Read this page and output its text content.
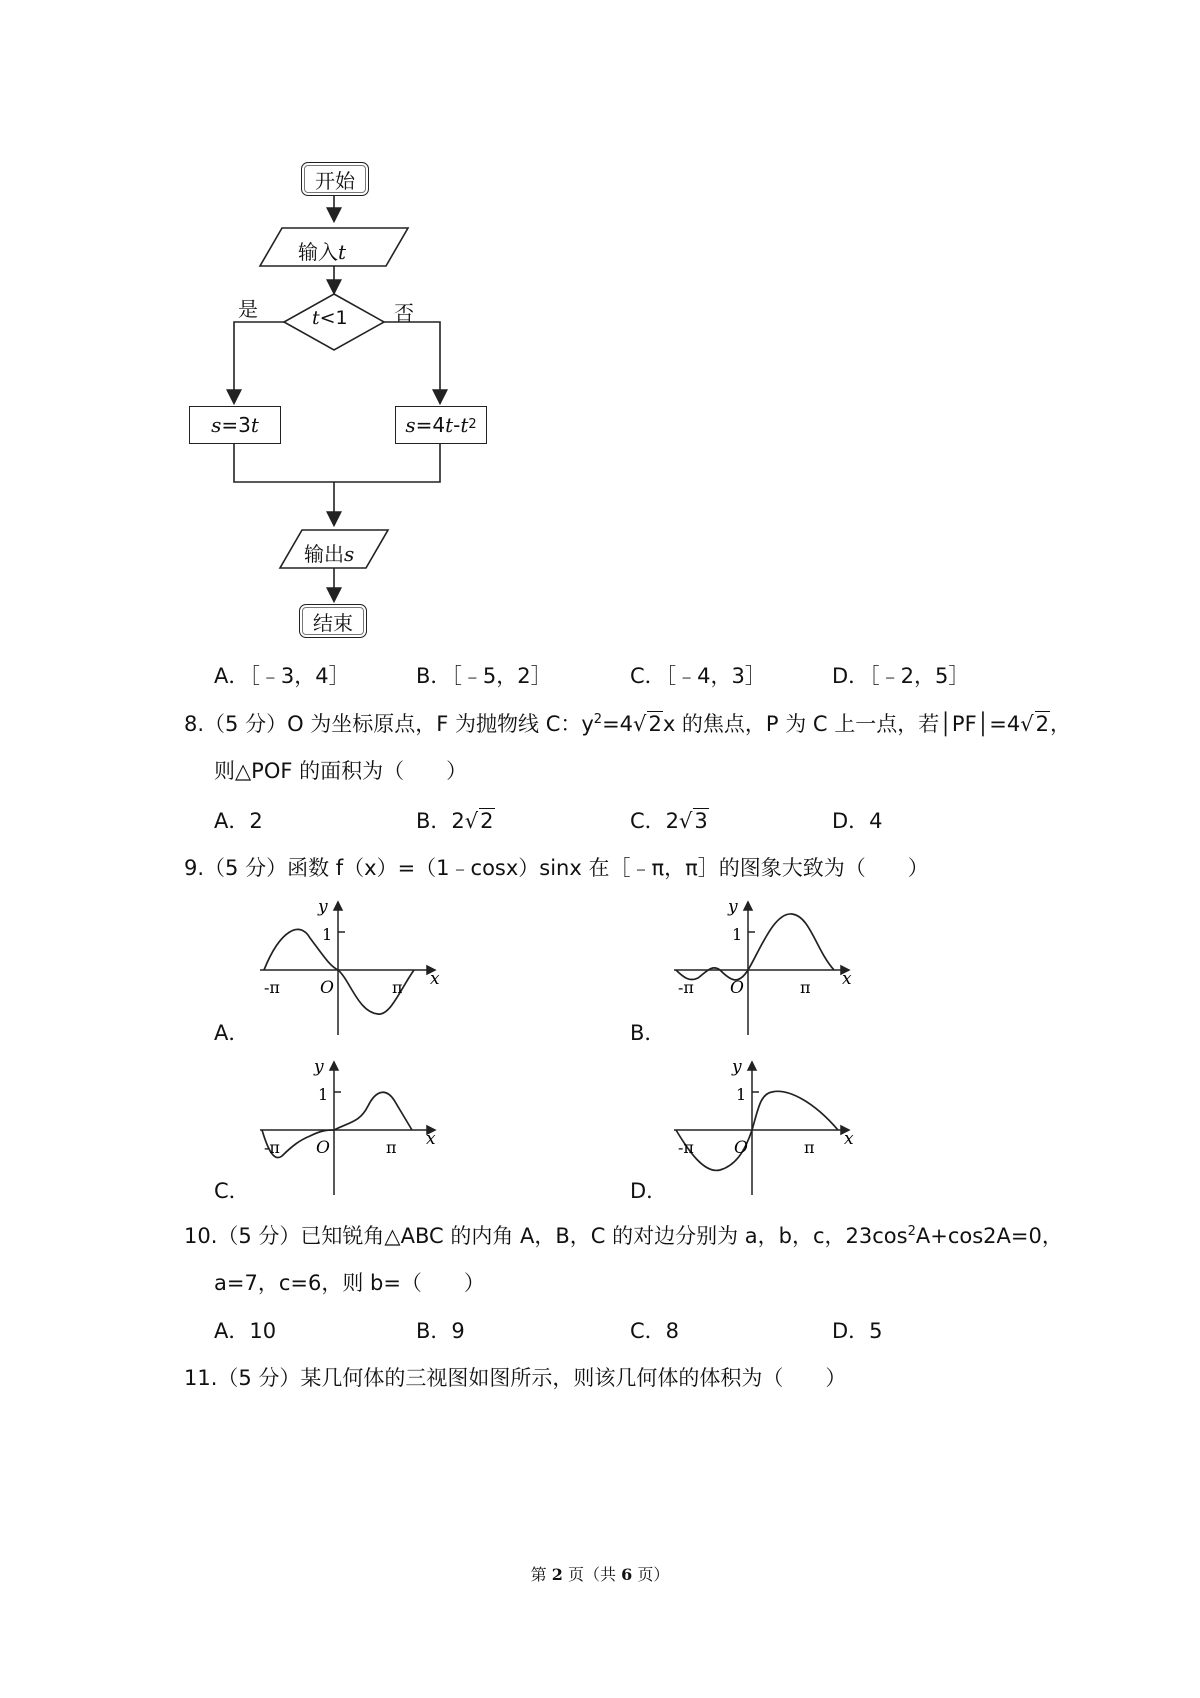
开始
输入t
t<1
是	否
s =3 t	s =4 t - t 2
输出s
结束
A．［﹣3，4］	B．［﹣5，2］	C．［﹣4，3］	D．［﹣2，5］
8.（5 分）O 为坐标原点，F 为抛物线 C：$y^2=4√2x$ 的焦点，P 为 C 上一点，若│PF│=4√2，
则△POF 的面积为（　　）
A．2	B．2√2	C．2√3	D．4
9.（5 分）函数 f（x）=（1﹣cosx）sinx 在［﹣π，π］的图象大致为（　　）
y
x
1
O
-π	π
A．
y
x
1
O
-π	π
B．
y
x
1
O
-π	π
C．
y
x
1
O
-π	π
D．
10.（5 分）已知锐角△ABC 的内角 A，B，C 的对边分别为 a，b，c，$23\cos^2A+\cos 2A=0$，
a=7，c=6，则 b=（　　）
A．10	B．9	C．8	D．5
11.（5 分）某几何体的三视图如图所示，则该几何体的体积为（　　）
第 2 页（共 6 页）
